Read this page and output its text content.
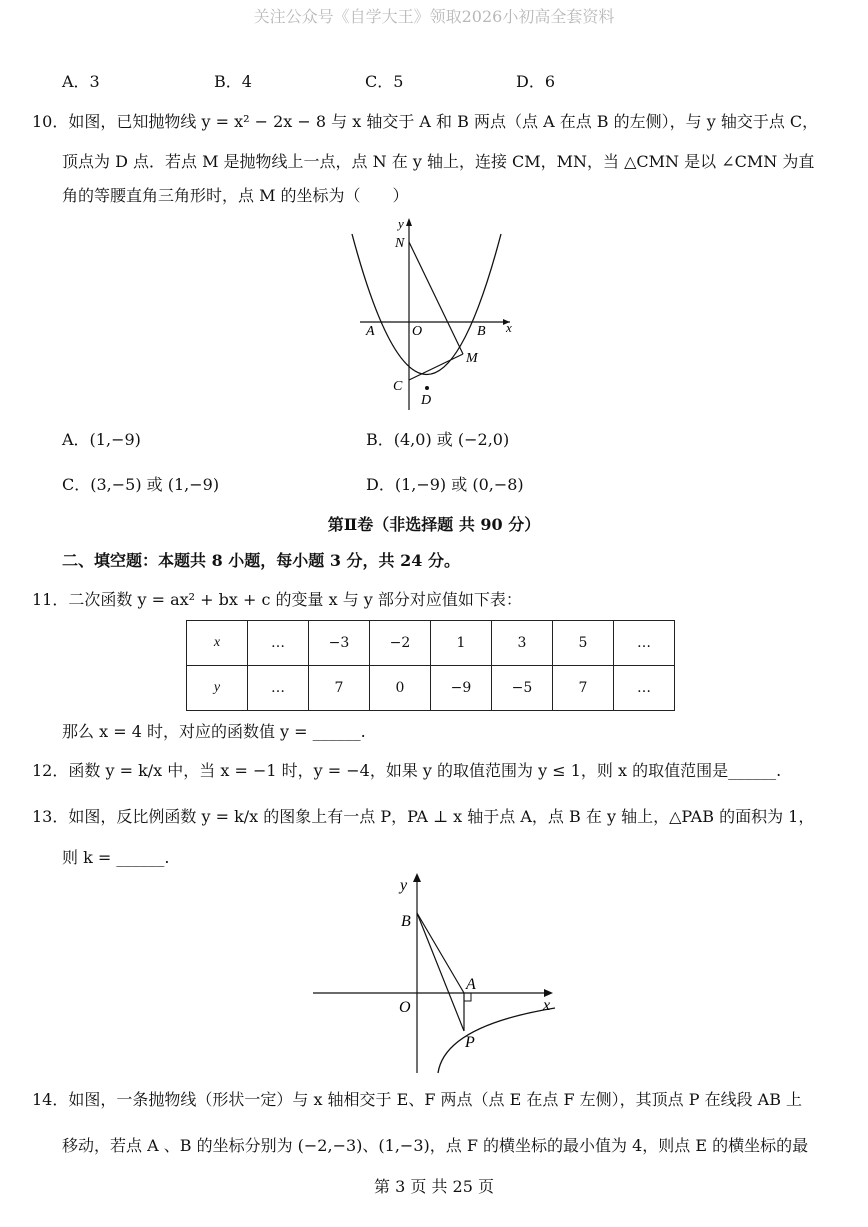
关注公众号《自学大王》领取2026小初高全套资料
A．3	B．4	C．5	D．6
10．如图，已知抛物线 y = x² − 2x − 8 与 x 轴交于 A 和 B 两点（点 A 在点 B 的左侧），与 y 轴交于点 C，
顶点为 D 点．若点 M 是抛物线上一点，点 N 在 y 轴上，连接 CM，MN，当 △CMN 是以 ∠CMN 为直
角的等腰直角三角形时，点 M 的坐标为（　　）
y
x
N
A	O	B
M
C
D
A．(1,−9)	B．(4,0) 或 (−2,0)
C．(3,−5) 或 (1,−9)	D．(1,−9) 或 (0,−8)
第Ⅱ卷（非选择题 共 90 分）
二、填空题：本题共 8 小题，每小题 3 分，共 24 分。
11．二次函数 y = ax² + bx + c 的变量 x 与 y 部分对应值如下表：
x	…	−3	−2	1	3	5	…
y	…	7	0	−9	−5	7	…
那么 x = 4 时，对应的函数值 y = ______.
12．函数 y = k/x 中，当 x = −1 时，y = −4，如果 y 的取值范围为 y ≤ 1，则 x 的取值范围是______.
13．如图，反比例函数 y = k/x 的图象上有一点 P，PA ⊥ x 轴于点 A，点 B 在 y 轴上，△PAB 的面积为 1，
则 k = ______.
y
x
B
O
A
P
14．如图，一条抛物线（形状一定）与 x 轴相交于 E、F 两点（点 E 在点 F 左侧），其顶点 P 在线段 AB 上
移动，若点 A 、B 的坐标分别为 (−2,−3)、(1,−3)，点 F 的横坐标的最小值为 4，则点 E 的横坐标的最
第 3 页 共 25 页
